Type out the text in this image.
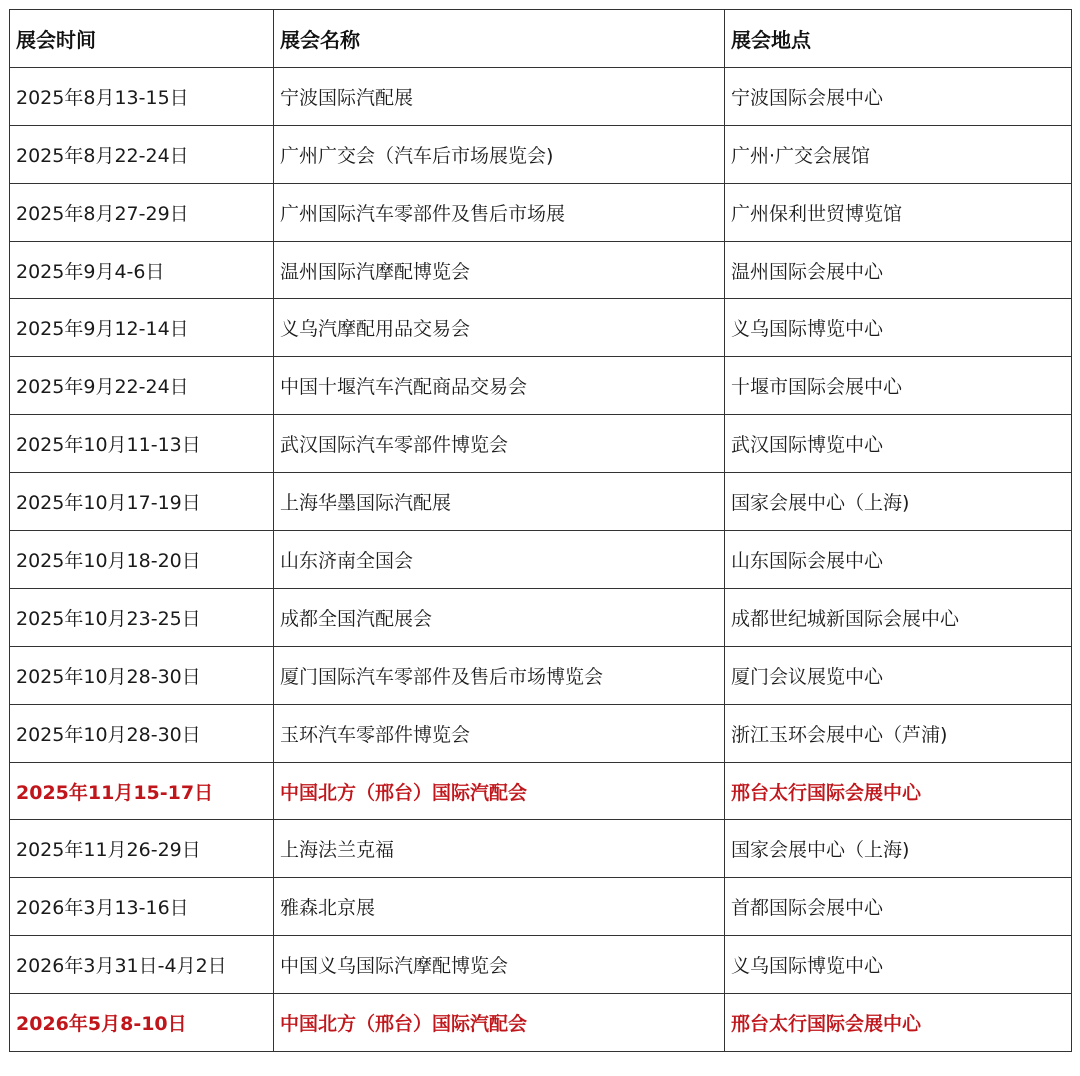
展会时间	展会名称	展会地点
2025年8月13-15日	宁波国际汽配展	宁波国际会展中心
2025年8月22-24日	广州广交会（汽车后市场展览会)	广州·广交会展馆
2025年8月27-29日	广州国际汽车零部件及售后市场展	广州保利世贸博览馆
2025年9月4-6日	温州国际汽摩配博览会	温州国际会展中心
2025年9月12-14日	义乌汽摩配用品交易会	义乌国际博览中心
2025年9月22-24日	中国十堰汽车汽配商品交易会	十堰市国际会展中心
2025年10月11-13日	武汉国际汽车零部件博览会	武汉国际博览中心
2025年10月17-19日	上海华墨国际汽配展	国家会展中心（上海)
2025年10月18-20日	山东济南全国会	山东国际会展中心
2025年10月23-25日	成都全国汽配展会	成都世纪城新国际会展中心
2025年10月28-30日	厦门国际汽车零部件及售后市场博览会	厦门会议展览中心
2025年10月28-30日	玉环汽车零部件博览会	浙江玉环会展中心（芦浦)
2025年11月15-17日	中国北方（邢台）国际汽配会	邢台太行国际会展中心
2025年11月26-29日	上海法兰克福	国家会展中心（上海)
2026年3月13-16日	雅森北京展	首都国际会展中心
2026年3月31日-4月2日	中国义乌国际汽摩配博览会	义乌国际博览中心
2026年5月8-10日	中国北方（邢台）国际汽配会	邢台太行国际会展中心
